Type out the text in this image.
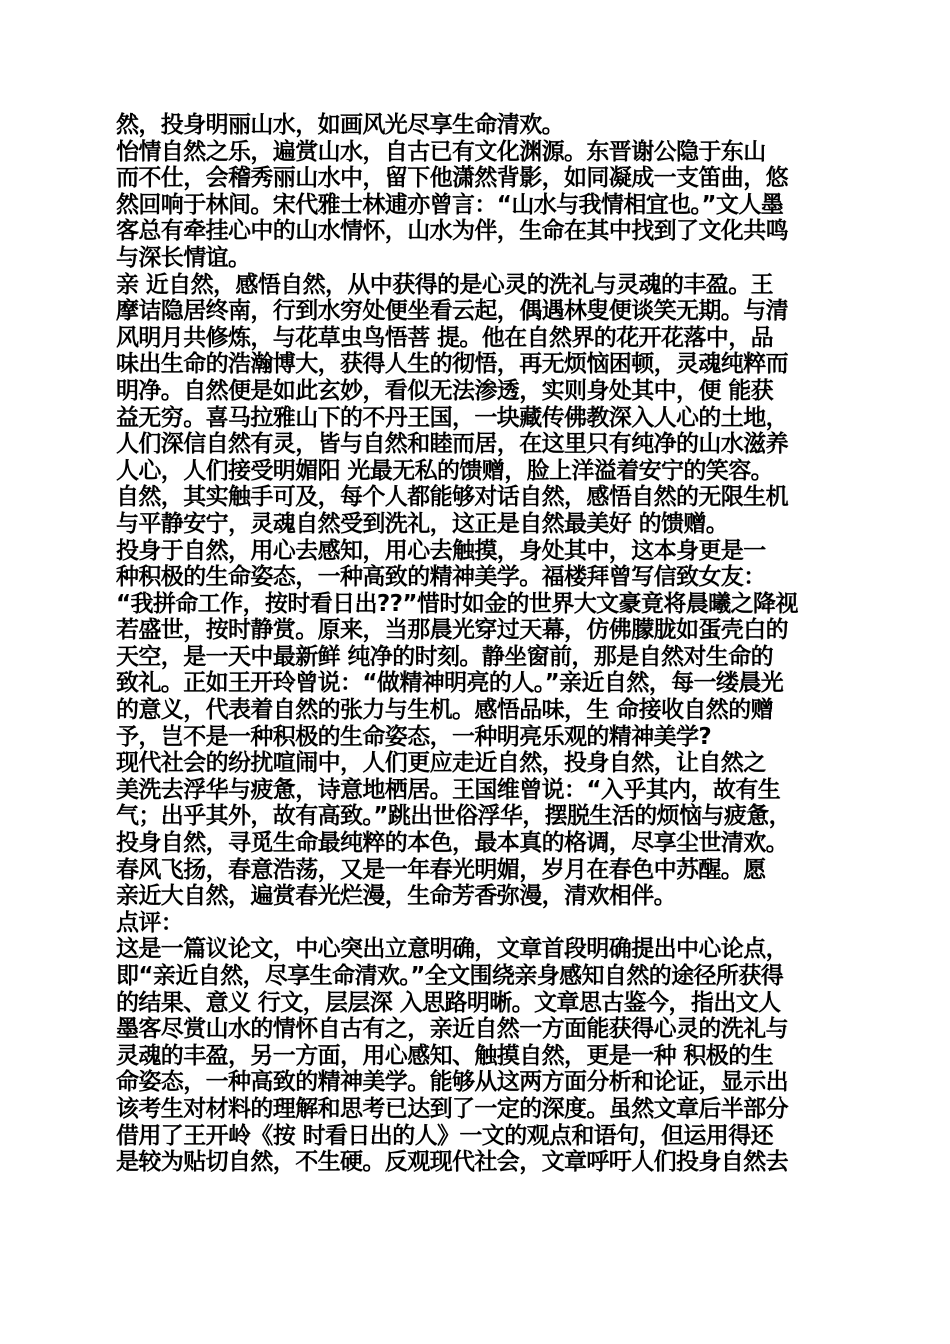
然，投身明丽山水，如画风光尽享生命清欢。
怡情自然之乐，遍赏山水，自古已有文化渊源。东晋谢公隐于东山
而不仕，会稽秀丽山水中，留下他潇然背影，如同凝成一支笛曲，悠
然回响于林间。宋代雅士林逋亦曾言：“山水与我情相宜也。”文人墨
客总有牵挂心中的山水情怀，山水为伴，生命在其中找到了文化共鸣
与深长情谊。
亲 近自然，感悟自然，从中获得的是心灵的洗礼与灵魂的丰盈。王
摩诘隐居终南，行到水穷处便坐看云起，偶遇林叟便谈笑无期。与清
风明月共修炼，与花草虫鸟悟菩 提。他在自然界的花开花落中，品
味出生命的浩瀚博大，获得人生的彻悟，再无烦恼困顿，灵魂纯粹而
明净。自然便是如此玄妙，看似无法渗透，实则身处其中，便 能获
益无穷。喜马拉雅山下的不丹王国，一块藏传佛教深入人心的土地，
人们深信自然有灵，皆与自然和睦而居，在这里只有纯净的山水滋养
人心，人们接受明媚阳 光最无私的馈赠，脸上洋溢着安宁的笑容。
自然，其实触手可及，每个人都能够对话自然，感悟自然的无限生机
与平静安宁，灵魂自然受到洗礼，这正是自然最美好 的馈赠。
投身于自然，用心去感知，用心去触摸，身处其中，这本身更是一
种积极的生命姿态，一种高致的精神美学。福楼拜曾写信致女友：
“我拼命工作，按时看日出??”惜时如金的世界大文豪竟将晨曦之降视
若盛世，按时静赏。原来，当那晨光穿过天幕，仿佛朦胧如蛋壳白的
天空，是一天中最新鲜 纯净的时刻。静坐窗前，那是自然对生命的
致礼。正如王开玲曾说：“做精神明亮的人。”亲近自然，每一缕晨光
的意义，代表着自然的张力与生机。感悟品味，生 命接收自然的赠
予，岂不是一种积极的生命姿态，一种明亮乐观的精神美学?
现代社会的纷扰喧闹中，人们更应走近自然，投身自然，让自然之
美洗去浮华与疲惫，诗意地栖居。王国维曾说：“入乎其内，故有生
气；出乎其外，故有高致。”跳出世俗浮华，摆脱生活的烦恼与疲惫，
投身自然，寻觅生命最纯粹的本色，最本真的格调，尽享尘世清欢。
春风飞扬，春意浩荡，又是一年春光明媚，岁月在春色中苏醒。愿
亲近大自然，遍赏春光烂漫，生命芳香弥漫，清欢相伴。
点评：
这是一篇议论文，中心突出立意明确，文章首段明确提出中心论点，
即“亲近自然，尽享生命清欢。”全文围绕亲身感知自然的途径所获得
的结果、意义 行文，层层深 入思路明晰。文章思古鉴今，指出文人
墨客尽赏山水的情怀自古有之，亲近自然一方面能获得心灵的洗礼与
灵魂的丰盈，另一方面，用心感知、触摸自然，更是一种 积极的生
命姿态，一种高致的精神美学。能够从这两方面分析和论证，显示出
该考生对材料的理解和思考已达到了一定的深度。虽然文章后半部分
借用了王开岭《按 时看日出的人》一文的观点和语句，但运用得还
是较为贴切自然，不生硬。反观现代社会，文章呼吁人们投身自然去
